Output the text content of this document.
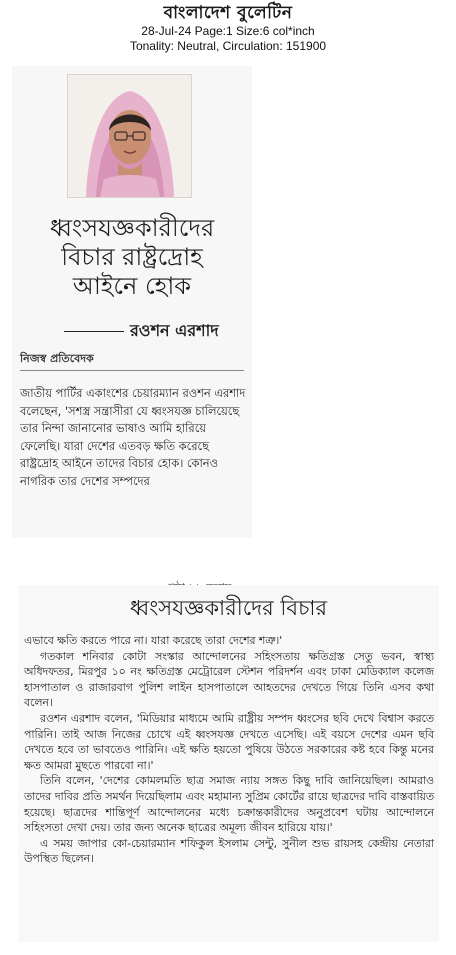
বাংলাদেশ বুলেটিন
28-Jul-24 Page:1 Size:6 col*inch
Tonality: Neutral, Circulation: 151900
ধ্বংসযজ্ঞকারীদের
বিচার রাষ্ট্রদ্রোহ
আইনে হোক
রওশন এরশাদ
নিজস্ব প্রতিবেদক

জাতীয় পার্টির একাংশের চেয়ারম্যান রওশন এরশাদ বলেছেন, 'সশস্ত্র সন্ত্রাসীরা যে ধ্বংসযজ্ঞ চালিয়েছে তার নিন্দা জানানোর ভাষাও আমি হারিয়ে ফেলেছি। যারা দেশের এতবড় ক্ষতি করেছে রাষ্ট্রদ্রোহ আইনে তাদের বিচার হোক। কোনও নাগরিক তার দেশের সম্পদের

ধ্বংসযজ্ঞকারীদের বিচার

এভাবে ক্ষতি করতে পারে না। যারা করেছে তারা দেশের শত্রু।'

গতকাল শনিবার কোটা সংস্কার আন্দোলনের সহিংসতায় ক্ষতিগ্রস্ত সেতু ভবন, স্বাস্থ্য অধিদফতর, মিরপুর ১০ নং ক্ষতিগ্রস্ত মেট্রোরেল স্টেশন পরিদর্শন এবং ঢাকা মেডিক্যাল কলেজ হাসপাতাল ও রাজারবাগ পুলিশ লাইন হাসপাতালে আহতদের দেখতে গিয়ে তিনি এসব কথা বলেন।

রওশন এরশাদ বলেন, 'মিডিয়ার মাধ্যমে আমি রাষ্ট্রীয় সম্পদ ধ্বংসের ছবি দেখে বিশ্বাস করতে পারিনি। তাই আজ নিজের চোখে এই ধ্বংসযজ্ঞ দেখতে এসেছি। এই বয়সে দেশের এমন ছবি দেখতে হবে তা ভাবতেও পারিনি। এই ক্ষতি হয়তো পুষিয়ে উঠতে সরকারের কষ্ট হবে কিন্তু মনের ক্ষত আমরা মুছতে পারবো না।'

তিনি বলেন, 'দেশের কোমলমতি ছাত্র সমাজ ন্যায় সঙ্গত কিছু দাবি জানিয়েছিল। আমরাও তাদের দাবির প্রতি সমর্থন দিয়েছিলাম এবং মহামান্য সুপ্রিম কোর্টের রায়ে ছাত্রদের দাবি বাস্তবায়িত হয়েছে। ছাত্রদের শান্তিপূর্ণ আন্দোলনের মধ্যে চক্রান্তকারীদের অনুপ্রবেশ ঘটায় আন্দোলনে সহিংসতা দেখা দেয়। তার জন্য অনেক ছাত্রের অমূল্য জীবন হারিয়ে যায়।'

এ সময় জাপার কো-চেয়ারম্যান শফিকুল ইসলাম সেন্টু, সুনীল শুভ রায়সহ কেন্দ্রীয় নেতারা উপস্থিত ছিলেন।
